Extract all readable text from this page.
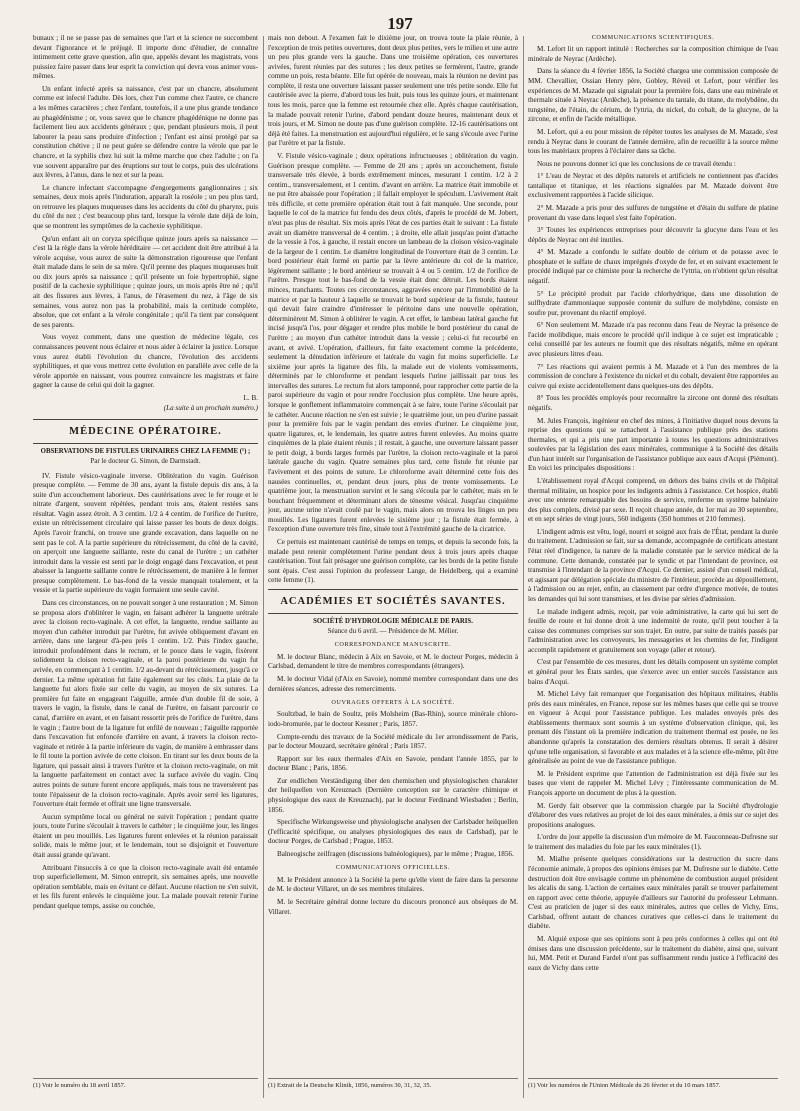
197

bunaux ; il ne se passe pas de semaines que l'art et la science ne succombent devant l'ignorance et le préjugé. Il importe donc d'étudier, de connaître intimement cette grave question, afin que, appelés devant les magistrats, vous puissiez faire passer dans leur esprit la conviction qui devra vous animer vous-mêmes.

Un enfant infecté après sa naissance, c'est par un chancre, absolument comme est infecté l'adulte. Dès lors, chez l'un comme chez l'autre, ce chancre a les mêmes caractères ; chez l'enfant, toutefois, il a une plus grande tendance au phagédénisme ; or, vous savez que le chancre phagédénique ne donne pas facilement lieu aux accidents généraux ; que, pendant plusieurs mois, il peut labourer la peau sans produire d'infection ; l'enfant est ainsi protégé par sa constitution chétive ; il ne peut guère se défendre contre la vérole que par le chancre, et la syphilis chez lui suit la même marche que chez l'adulte ; on l'a vue souvent apparaître par des éruptions sur tout le corps, puis des ulcérations aux lèvres, à l'anus, dans le nez et sur la peau.

Le chancre infectant s'accompagne d'engorgements ganglionnaires ; six semaines, deux mois après l'induration, apparaît la roséole ; un peu plus tard, on retrouve les plaques muqueuses dans les accidents du côté du pharynx, puis du côté du nez ; c'est beaucoup plus tard, lorsque la vérole date déjà de loin, que se montrent les symptômes de la cachexie syphilitique.

Qu'un enfant ait un coryza spécifique quinze jours après sa naissance — c'est là la règle dans la vérole héréditaire — cet accident doit être attribué à la vérole acquise, vous aurez de suite la démonstration rigoureuse que l'enfant était malade dans le sein de sa mère. Qu'il prenne des plaques muqueuses huit ou dix jours après sa naissance ; qu'il présente un foie hypertrophié, signe positif de la cachexie syphilitique ; quinze jours, un mois après être né ; qu'il ait des fissures aux lèvres, à l'anus, de l'érasement du nez, à l'âge de six semaines, vous aurez non pas la probabilité, mais la certitude complète, absolue, que cet enfant a la vérole congénitale ; qu'il l'a tient par conséquent de ses parents.

Vous voyez comment, dans une question de médecine légale, ces connaissances peuvent nous éclairer et nous aider à éclairer la justice. Lorsque vous aurez établi l'évolution du chancre, l'évolution des accidents syphilitiques, et que vous mettrez cette évolution en parallèle avec celle de la vérole apportée en naissant, vous pourrez convaincre les magistrats et faire gagner la cause de celui qui doit la gagner.

L. B.
(La suite à un prochain numéro.)
MÉDECINE OPÉRATOIRE.
OBSERVATIONS DE FISTULES URINAIRES CHEZ LA FEMME (¹) ;
Par le docteur G. Simon, de Darmstadt.

IV. Fistule vésico-vaginale inverse. Oblitération du vagin. Guérison presque complète. — Femme de 30 ans, ayant la fistule depuis dix ans, à la suite d'un accouchement laborieux. Des cautérisations avec le fer rouge et le nitrate d'argent, souvent répétées, pendant trois ans, étaient restées sans résultat. Vagin assez étroit. A 3 centim. 1/2 à 4 centim. de l'orifice de l'urètre, existe un rétrécissement circulaire qui laisse passer les bouts de deux doigts. Après l'avoir franchi, on trouve une grande excavation, dans laquelle on ne sent pas le col. A la partie supérieure du rétrécissement, du côté de la cavité, on aperçoit une languette saillante, reste du canal de l'urètre ; un cathéter introduit dans la vessie est senti par le doigt engagé dans l'excavation, et peut abaisser la languette saillante contre le rétrécissement, de manière à le fermer presque complètement. Le bas-fond de la vessie manquait totalement, et la vessie et la partie supérieure du vagin formaient une seule cavité.

Dans ces circonstances, on ne pouvait songer à une restauration ; M. Simon se proposa alors d'oblitérer le vagin, en faisant adhérer la languette urétrale avec la cloison recto-vaginale. A cet effet, la languette, rendue saillante au moyen d'un cathéter introduit par l'urètre, fut avivée obliquement d'avant en arrière, dans une largeur d'à-peu près 1 centim. 1/2. Puis l'index gauche, introduit profondément dans le rectum, et le pouce dans le vagin, fixèrent solidement la cloison recto-vaginale, et la paroi postérieure du vagin fut avivée, en commençant à 1 centim. 1/2 au-devant du rétrécissement, jusqu'à ce dernier. La même opération fut faite également sur les côtés. La plaie de la languette fut alors fixée sur celle du vagin, au moyen de six sutures. La première fut faite en engageant l'aiguille, armée d'un double fil de soie, à travers le vagin, la fistule, dans le canal de l'urètre, en faisant parcourir ce canal, d'arrière en avant, et en faisant ressortir près de l'orifice de l'urètre, dans le vagin ; l'autre bout de la ligature fut enfilé de nouveau ; l'aiguille rapportée dans l'excavation fut enfoncée d'arrière en avant, à travers la cloison recto-vaginale et retirée à la partie inférieure du vagin, de manière à embrasser dans le fil toute la portion avivée de cette cloison. En tirant sur les deux bouts de la ligature, qui passait ainsi à travers l'urètre et la cloison recto-vaginale, on mit la languette parfaitement en contact avec la surface avivée du vagin. Cinq autres points de suture furent encore appliqués, mais tous ne traversèrent pas toute l'épaisseur de la cloison recto-vaginale. Après avoir serré les ligatures, l'ouverture était fermée et offrait une ligne transversale.

Aucun symptôme local ou général ne suivit l'opération ; pendant quatre jours, toute l'urine s'écoulait à travers le cathéter ; le cinquième jour, les linges étaient un peu mouillés. Les ligatures furent enlevées et la réunion paraissait solide, mais le même jour, et le lendemain, tout se disjoignit et l'ouverture était aussi grande qu'avant.

Attribuant l'insuccès à ce que la cloison recto-vaginale avait été entamée trop superficiellement, M. Simon entreprit, six semaines après, une nouvelle opération semblable, mais en évitant ce défaut. Aucune réaction ne s'en suivit, et les fils furent enlevés le cinquième jour. La malade pouvait retenir l'urine pendant quelque temps, assise ou couchée,

mais non debout. A l'examen fait le dixième jour, on trouva toute la plaie réunie, à l'exception de trois petites ouvertures, dont deux plus petites, vers le milieu et une autre un peu plus grande vers la gauche. Dans une troisième opération, ces ouvertures avivées, furent réunies par des sutures ; les deux petites se fermèrent, l'autre, grande comme un pois, resta béante. Elle fut opérée de nouveau, mais la réunion ne devint pas complète, il resta une ouverture laissant passer seulement une très petite sonde. Elle fut cautérisée avec la pierre, d'abord tous les huit, puis tous les quinze jours, et maintenant tous les mois, parce que la femme est retournée chez elle. Après chaque cautérisation, la malade pouvait retenir l'urine, d'abord pendant douze heures, maintenant deux et trois jours, et M. Simon ne doute pas d'une guérison complète. 12-16 cautérisations ont déjà été faites. La menstruation est aujourd'hui régulière, et le sang s'écoule avec l'urine par l'urètre et par la fistule.

V. Fistule vésico-vaginale ; deux opérations infructueuses ; oblitération du vagin. Guérison presque complète. — Femme de 20 ans ; après un accouchement, fistule transversale très élevée, à bords extrêmement minces, mesurant 1 centim. 1/2 à 2 centim., transversalement, et 1 centim. d'avant en arrière. La matrice était immobile et ne put être abaissée pour l'opération ; il fallait employer le spéculum. L'avivement était très difficile, et cette première opération était tout à fait manquée. Une seconde, pour laquelle le col de la matrice fut fendu des deux côtés, d'après le procédé de M. Jobert, n'eut pas plus de résultat. Six mois après l'état de ces parties était le suivant : La fistule avait un diamètre transversal de 4 centim. ; à droite, elle allait jusqu'au point d'attache de la vessie à l'os, à gauche, il restait encore un lambeau de la cloison vésico-vaginale de la largeur de 1 centim. Le diamètre longitudinal de l'ouverture était de 3 centim. Le bord postérieur était formé en partie par la lèvre antérieure du col de la matrice, légèrement saillante ; le bord antérieur se trouvait à 4 ou 5 centim. 1/2 de l'orifice de l'urètre. Presque tout le bas-fond de la vessie était donc détruit. Les bords étaient minces, tranchants. Toutes ces circonstances, aggravées encore par l'immobilité de la matrice et par la hauteur à laquelle se trouvait le bord supérieur de la fistule, hauteur qui devait faire craindre d'intéresser le péritoine dans une nouvelle opération, déterminèrent M. Simon à oblitérer le vagin. A cet effet, le lambeau latéral gauche fut incisé jusqu'à l'os, pour dégager et rendre plus mobile le bord postérieur du canal de l'urètre ; au moyen d'un cathéter introduit dans la vessie ; celui-ci fut recourbé en avant, et avivé. L'opération, d'ailleurs, fut faite exactement comme la précédente, seulement la dénudation inférieure et latérale du vagin fut moins superficielle. Le sixième jour après la ligature des fils, la malade eut de violents vomissements, déterminés par le chloroforme et pendant lesquels l'urine jaillissait par tous les intervalles des sutures. Le rectum fut alors tamponné, pour rapprocher cette partie de la paroi supérieure du vagin et pour rendre l'occlusion plus complète. Une heure après, lorsque le gonflement inflammatoire commençait à se faire, toute l'urine s'écoulait par le cathéter. Aucune réaction ne s'en est suivie ; le quatrième jour, un peu d'urine passait pour la première fois par le vagin pendant des envies d'uriner. Le cinquième jour, quatre ligatures, et, le lendemain, les quatre autres furent enlevées. Au moins quatre cinquièmes de la plaie étaient réunis ; il restait, à gauche, une ouverture laissant passer le petit doigt, à bords larges formés par l'urètre, la cloison recto-vaginale et la paroi latérale gauche du vagin. Quatre semaines plus tard, cette fistule fut réunie par l'avivement et des points de suture. Le chloroforme avait déterminé cette fois des nausées continuelles, et, pendant deux jours, plus de trente vomissements. Le quatrième jour, la menstruation survint et le sang s'écoula par le cathéter, mais en le bouchant fréquemment et déterminant alors de ténesme vésical. Jusqu'au cinquième jour, aucune urine n'avait coulé par le vagin, mais alors on trouva les linges un peu mouillés. Les ligatures furent enlevées le sixième jour ; la fistule était fermée, à l'exception d'une ouverture très fine, située tout à l'extrémité gauche de la cicatrice.

Ce pertuis est maintenant cautérisé de temps en temps, et depuis la seconde fois, la malade peut retenir complètement l'urine pendant deux à trois jours après chaque cautérisation. Tout fait présager une guérison complète, car les bords de la petite fistule sont épais. C'est aussi l'opinion du professeur Lange, de Heidelberg, qui a examiné cette femme (1).

ACADÉMIES ET SOCIÉTÉS SAVANTES.
SOCIÉTÉ D'HYDROLOGIE MÉDICALE DE PARIS.
Séance du 6 avril. — Présidence de M. Mélier.
CORRESPONDANCE MANUSCRITE.

M. le docteur Blanc, médecin à Aix en Savoie, et M. le docteur Porges, médecin à Carlsbad, demandent le titre de membres correspondants (étrangers).

M. le docteur Vidal (d'Aix en Savoie), nommé membre correspondant dans une des dernières séances, adresse des remerciments.

OUVRAGES OFFERTS À LA SOCIÉTÉ.

Soultzbad, le bain de Soultz, près Molsheim (Bas-Rhin), source minérale chloro-iodo-bromurée, par le docteur Kessner ; Paris, 1857.

Compte-rendu des travaux de la Société médicale du 1er arrondissement de Paris, par le docteur Mouzard, secrétaire général ; Paris 1857.

Rapport sur les eaux thermales d'Aix en Savoie, pendant l'année 1855, par le docteur Blanc ; Paris, 1856.

Zur endlichen Verständigung über den chemischen und physiologischen charakter der heilquellen von Kreuznach (Dernière conception sur le caractère chimique et physiologique des eaux de Kreuznach), par le docteur Ferdinand Wiesbaden ; Berlin, 1856.

Specifische Wirkungsweise und physiologische analysen der Carlsbader heilquellen (l'efficacité spécifique, ou analyses physiologiques des eaux de Carlsbad), par le docteur Porges, de Carlsbad ; Prague, 1853.

Balneogische zeilfragen (discussions balnéologiques), par le même ; Prague, 1856.

COMMUNICATIONS OFFICIELLES.

M. le Président annonce à la Société la perte qu'elle vient de faire dans la personne de M. le docteur Villaret, un de ses membres titulaires.

M. le Secrétaire général donne lecture du discours prononcé aux obsèques de M. Villaret.

COMMUNICATIONS SCIENTIFIQUES.

M. Lefort lit un rapport intitulé : Recherches sur la composition chimique de l'eau minérale de Neyrac (Ardèche).

Dans la séance du 4 février 1856, la Société chargea une commission composée de MM. Chevallier, Ossian Henry père, Gobley, Réveil et Lefort, pour vérifier les expériences de M. Mazade qui signalait pour la première fois, dans une eau minérale et thermale située à Neyrac (Ardèche), la présence du tantale, du titane, du molybdène, du tungstène, de l'étain, du cérium, de l'yttria, du nickel, du cobalt, de la glucyne, de la zircone, et enfin de l'acide métallique.

M. Lefort, qui a eu pour mission de répéter toutes les analyses de M. Mazade, s'est rendu à Neyrac dans le courant de l'année dernière, afin de recueillir à la source même tous les matériaux propres à l'éclairer dans sa tâche.

Nous ne pouvons donner ici que les conclusions de ce travail étendu :

1° L'eau de Neyrac et des dépôts naturels et artificiels ne contiennent pas d'acides tantalique et titanique, et les réactions signalées par M. Mazade doivent être exclusivement rapportées à l'acide silicique.

2° M. Mazade a pris pour des sulfures de tungstène et d'étain du sulfure de platine provenant du vase dans lequel s'est faite l'opération.

3° Toutes les expériences entreprises pour découvrir la glucyne dans l'eau et les dépôts de Neyrac ont été inutiles.

4° M. Mazade a confondu le sulfate double de cérium et de potasse avec le phosphate et le sulfate de chaux imprégnés d'oxyde de fer, et en suivant exactement le procédé indiqué par ce chimiste pour la recherche de l'yttria, on n'obtient qu'un résultat négatif.

5° Le précipité produit par l'acide chlorhydrique, dans une dissolution de sulfhydrate d'ammoniaque supposée contenir du sulfure de molybdène, consiste en soufre pur, provenant du réactif employé.

6° Non seulement M. Mazade n'a pas reconnu dans l'eau de Neyrac la présence de l'acide molibdique, mais encore le procédé qu'il indique à ce sujet est impraticable ; celui conseillé par les auteurs ne fournit que des résultats négatifs, même en opérant avec plusieurs litres d'eau.

7° Les réactions qui avaient permis à M. Mazade et à l'un des membres de la commission de conclure à l'existence du nickel et du cobalt, devaient être rapportées au cuivre qui existe accidentellement dans quelques-uns des dépôts.

8° Tous les procédés employés pour reconnaître la zircone ont donné des résultats négatifs.

M. Jules François, ingénieur en chef des mines, à l'initiative duquel nous devons la reprise des questions qui se rattachent à l'assistance publique près des stations thermales, et qui a pris une part importante à toutes les questions administratives soulevées par la législation des eaux minérales, communique à la Société des détails d'un haut intérêt sur l'organisation de l'assistance publique aux eaux d'Acqui (Piémont). En voici les principales dispositions :

L'établissement royal d'Acqui comprend, en dehors des bains civils et de l'hôpital thermal militaire, un hospice pour les indigents admis à l'assistance. Cet hospice, établi avec une entente remarquable des besoins de service, renferme un système balnéaire des plus complets, divisé par sexe. Il reçoit chaque année, du 1er mai au 30 septembre, et en sept séries de vingt jours, 560 indigents (350 hommes et 210 femmes).

L'indigent admis est vêtu, logé, nourri et soigné aux frais de l'État, pendant la durée du traitement. L'admission se fait, sur sa demande, accompagnée de certificats attestant l'état réel d'indigence, la nature de la maladie constatée par le service médical de la commune. Cette demande, constatée par le syndic et par l'intendant de province, est transmise à l'intendant de la province d'Acqui. Ce dernier, assisté d'un conseil médical, et agissant par délégation spéciale du ministre de l'intérieur, procède au dépouillement, à l'admission ou au rejet, enfin, au classement par ordre d'urgence motivée, de toutes les demandes qui lui sont transmises, et les divise par séries d'admission.

Le malade indigent admis, reçoit, par voie administrative, la carte qui lui sert de feuille de route et lui donne droit à une indemnité de route, qu'il peut toucher à la caisse des communes comprises sur son trajet. En outre, par suite de traités passés par l'administration avec les convoyeurs, les messageries et les chemins de fer, l'indigent accomplit rapidement et gratuitement son voyage (aller et retour).

C'est par l'ensemble de ces mesures, dont les détails composent un système complet et général pour les États sardes, que s'exerce avec un entier succès l'assistance aux bains d'Acqui.

M. Michel Lévy fait remarquer que l'organisation des hôpitaux militaires, établis près des eaux minérales, en France, repose sur les mêmes bases que celle qui se trouve en vigueur à Acqui pour l'assistance publique. Les malades envoyés près des établissements thermaux sont soumis à un système d'observation clinique, qui, les prenant dès l'instant où la première indication du traitement thermal est posée, ne les abandonne qu'après la constatation des derniers résultats obtenus. Il serait à désirer qu'une telle organisation, si favorable et aux malades et à la science elle-même, pût être généralisée au point de vue de l'assistance publique.

M. le Président exprime que l'attention de l'administration est déjà fixée sur les bases que vient de rappeler M. Michel Lévy ; l'intéressante communication de M. François apporte un document de plus à la question.

M. Gerdy fait observer que la commission chargée par la Société d'hydrologie d'élaborer des vues relatives au projet de loi des eaux minérales, a émis sur ce sujet des propositions analogues.

L'ordre du jour appelle la discussion d'un mémoire de M. Fauconneau-Dufresne sur le traitement des maladies du foie par les eaux minérales (1).

M. Mialhe présente quelques considérations sur la destruction du sucre dans l'économie animale, à propos des opinions émises par M. Dufresne sur le diabète. Cette destruction doit être envisagée comme un phénomène de combustion auquel président les alcalis du sang. L'action de certaines eaux minérales paraît se trouver parfaitement en rapport avec cette théorie, appuyée d'ailleurs sur l'autorité du professeur Lehmann. C'est au praticien de juger si des eaux minérales, autres que celles de Vichy, Ems, Carlsbad, offrent autant de chances curatives que celles-ci dans le traitement du diabète.

M. Alquié expose que ses opinions sont à peu près conformes à celles qui ont été émises dans une discussion précédente, sur le traitement du diabète, ainsi que, suivant lui, MM. Petit et Durand Fardel n'ont pas suffisamment rendu justice à l'efficacité des eaux de Vichy dans cette

(1) Voir le numéro du 18 avril 1857.	(1) Extrait de la Deutsche Klinik, 1856, numéros 30, 31, 32, 35.	(1) Voir les numéros de l'Union Médicale du 26 février et du 10 mars 1857.
